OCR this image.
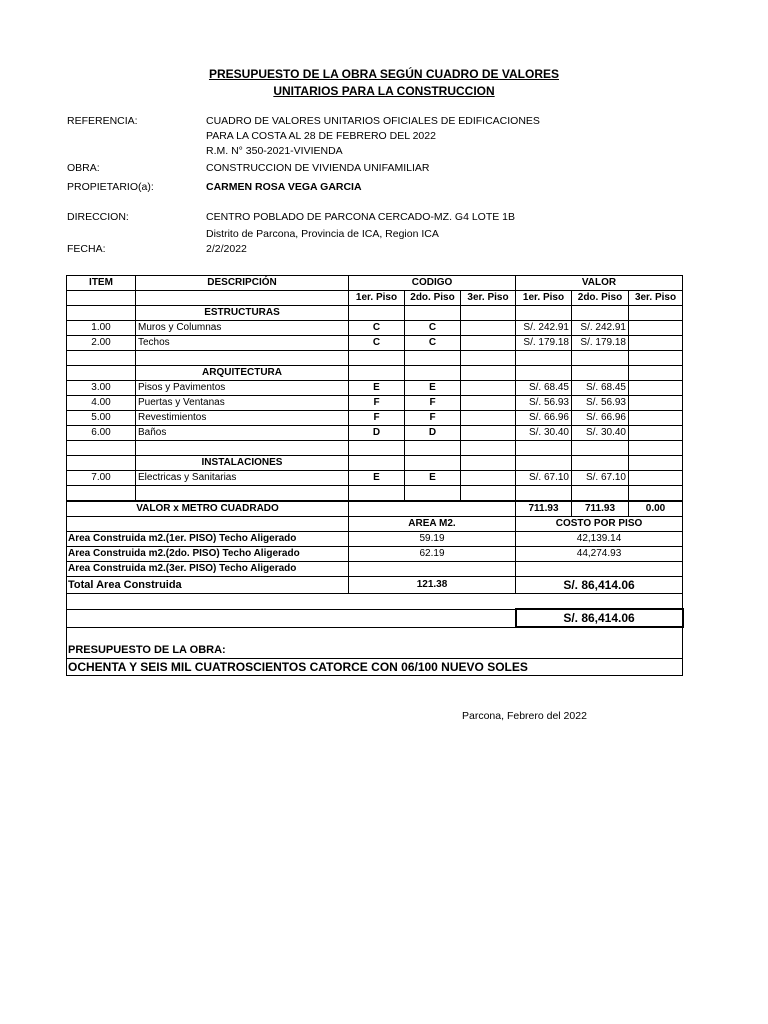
PRESUPUESTO DE LA OBRA SEGÚN CUADRO DE VALORES
UNITARIOS PARA LA CONSTRUCCION
REFERENCIA:	CUADRO DE VALORES UNITARIOS OFICIALES DE EDIFICACIONES
PARA LA COSTA AL 28 DE FEBRERO DEL 2022
R.M. N° 350-2021-VIVIENDA
OBRA:	CONSTRUCCION DE VIVIENDA UNIFAMILIAR
PROPIETARIO(a):	CARMEN ROSA VEGA GARCIA
DIRECCION:	CENTRO POBLADO DE PARCONA CERCADO-MZ. G4 LOTE 1B
Distrito de Parcona, Provincia de ICA, Region ICA
FECHA:	2/2/2022
ITEM	DESCRIPCIÓN	CODIGO			VALOR		
		1er. Piso	2do. Piso	3er. Piso	1er. Piso	2do. Piso	3er. Piso
	ESTRUCTURAS						
1.00	Muros y Columnas	C	C		S/. 242.91	S/. 242.91	
2.00	Techos	C	C		S/. 179.18	S/. 179.18	

	ARQUITECTURA						
3.00	Pisos y Pavimentos	E	E		S/. 68.45	S/. 68.45	
4.00	Puertas y Ventanas	F	F		S/. 56.93	S/. 56.93	
5.00	Revestimientos	F	F		S/. 66.96	S/. 66.96	
6.00	Baños	D	D		S/. 30.40	S/. 30.40	

	INSTALACIONES						
7.00	Electricas y Sanitarias	E	E		S/. 67.10	S/. 67.10	

VALOR x METRO CUADRADO					711.93	711.93	0.00
		AREA M2.			COSTO POR PISO		
Area Construida m2.(1er. PISO) Techo Aligerado		59.19			42,139.14		
Area Construida m2.(2do. PISO) Techo Aligerado		62.19			44,274.93		
Area Construida m2.(3er. PISO) Techo Aligerado							
Total Area Construida		121.38			S/. 86,414.06		

					S/. 86,414.06		

PRESUPUESTO DE LA OBRA:							
OCHENTA Y SEIS MIL CUATROSCIENTOS CATORCE CON 06/100 NUEVO SOLES							
Parcona, Febrero del 2022
